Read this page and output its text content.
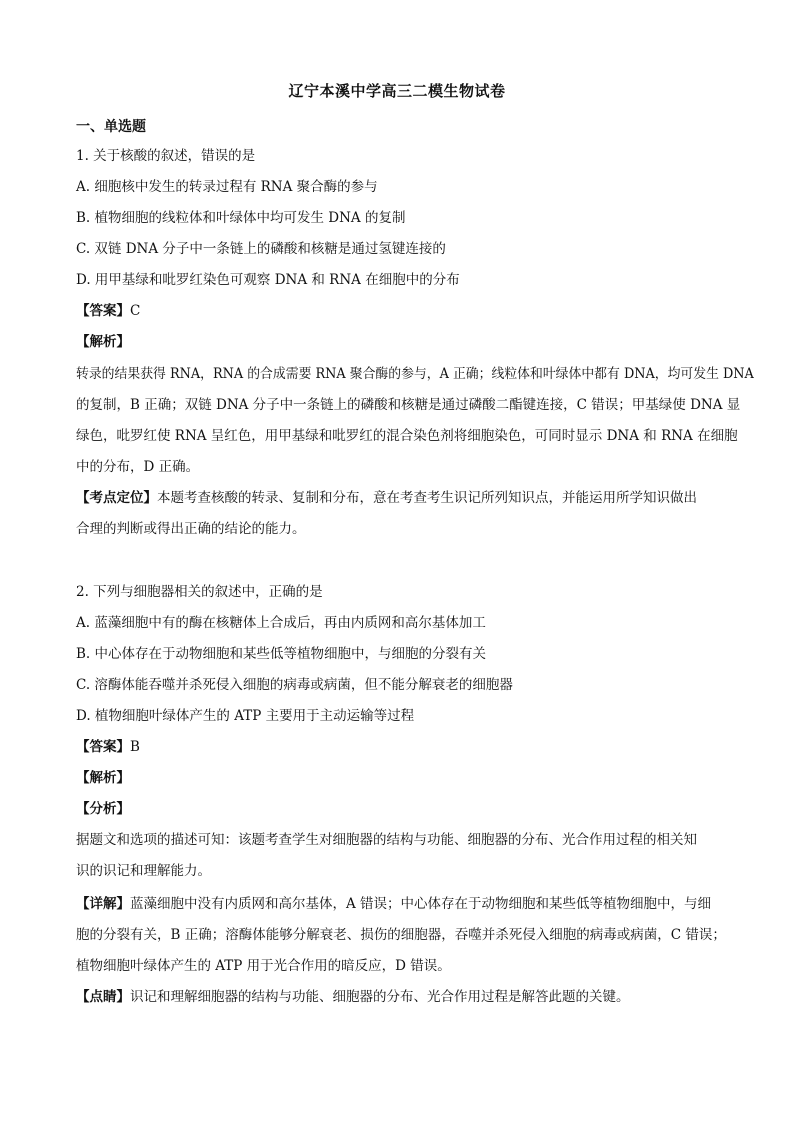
辽宁本溪中学高三二模生物试卷
一、单选题
1. 关于核酸的叙述，错误的是
A. 细胞核中发生的转录过程有 RNA 聚合酶的参与
B. 植物细胞的线粒体和叶绿体中均可发生 DNA 的复制
C. 双链 DNA 分子中一条链上的磷酸和核糖是通过氢键连接的
D. 用甲基绿和吡罗红染色可观察 DNA 和 RNA 在细胞中的分布
【答案】C
【解析】
转录的结果获得 RNA，RNA 的合成需要 RNA 聚合酶的参与，A 正确；线粒体和叶绿体中都有 DNA，均可发生 DNA
的复制，B 正确；双链 DNA 分子中一条链上的磷酸和核糖是通过磷酸二酯键连接，C 错误；甲基绿使 DNA 显
绿色，吡罗红使 RNA 呈红色，用甲基绿和吡罗红的混合染色剂将细胞染色，可同时显示 DNA 和 RNA 在细胞
中的分布，D 正确。
【考点定位】本题考查核酸的转录、复制和分布，意在考查考生识记所列知识点，并能运用所学知识做出
合理的判断或得出正确的结论的能力。
2. 下列与细胞器相关的叙述中，正确的是
A. 蓝藻细胞中有的酶在核糖体上合成后，再由内质网和高尔基体加工
B. 中心体存在于动物细胞和某些低等植物细胞中，与细胞的分裂有关
C. 溶酶体能吞噬并杀死侵入细胞的病毒或病菌，但不能分解衰老的细胞器
D. 植物细胞叶绿体产生的 ATP 主要用于主动运输等过程
【答案】B
【解析】
【分析】
据题文和选项的描述可知：该题考查学生对细胞器的结构与功能、细胞器的分布、光合作用过程的相关知
识的识记和理解能力。
【详解】蓝藻细胞中没有内质网和高尔基体，A 错误；中心体存在于动物细胞和某些低等植物细胞中，与细
胞的分裂有关，B 正确；溶酶体能够分解衰老、损伤的细胞器，吞噬并杀死侵入细胞的病毒或病菌，C 错误；
植物细胞叶绿体产生的 ATP 用于光合作用的暗反应，D 错误。
【点睛】识记和理解细胞器的结构与功能、细胞器的分布、光合作用过程是解答此题的关键。
